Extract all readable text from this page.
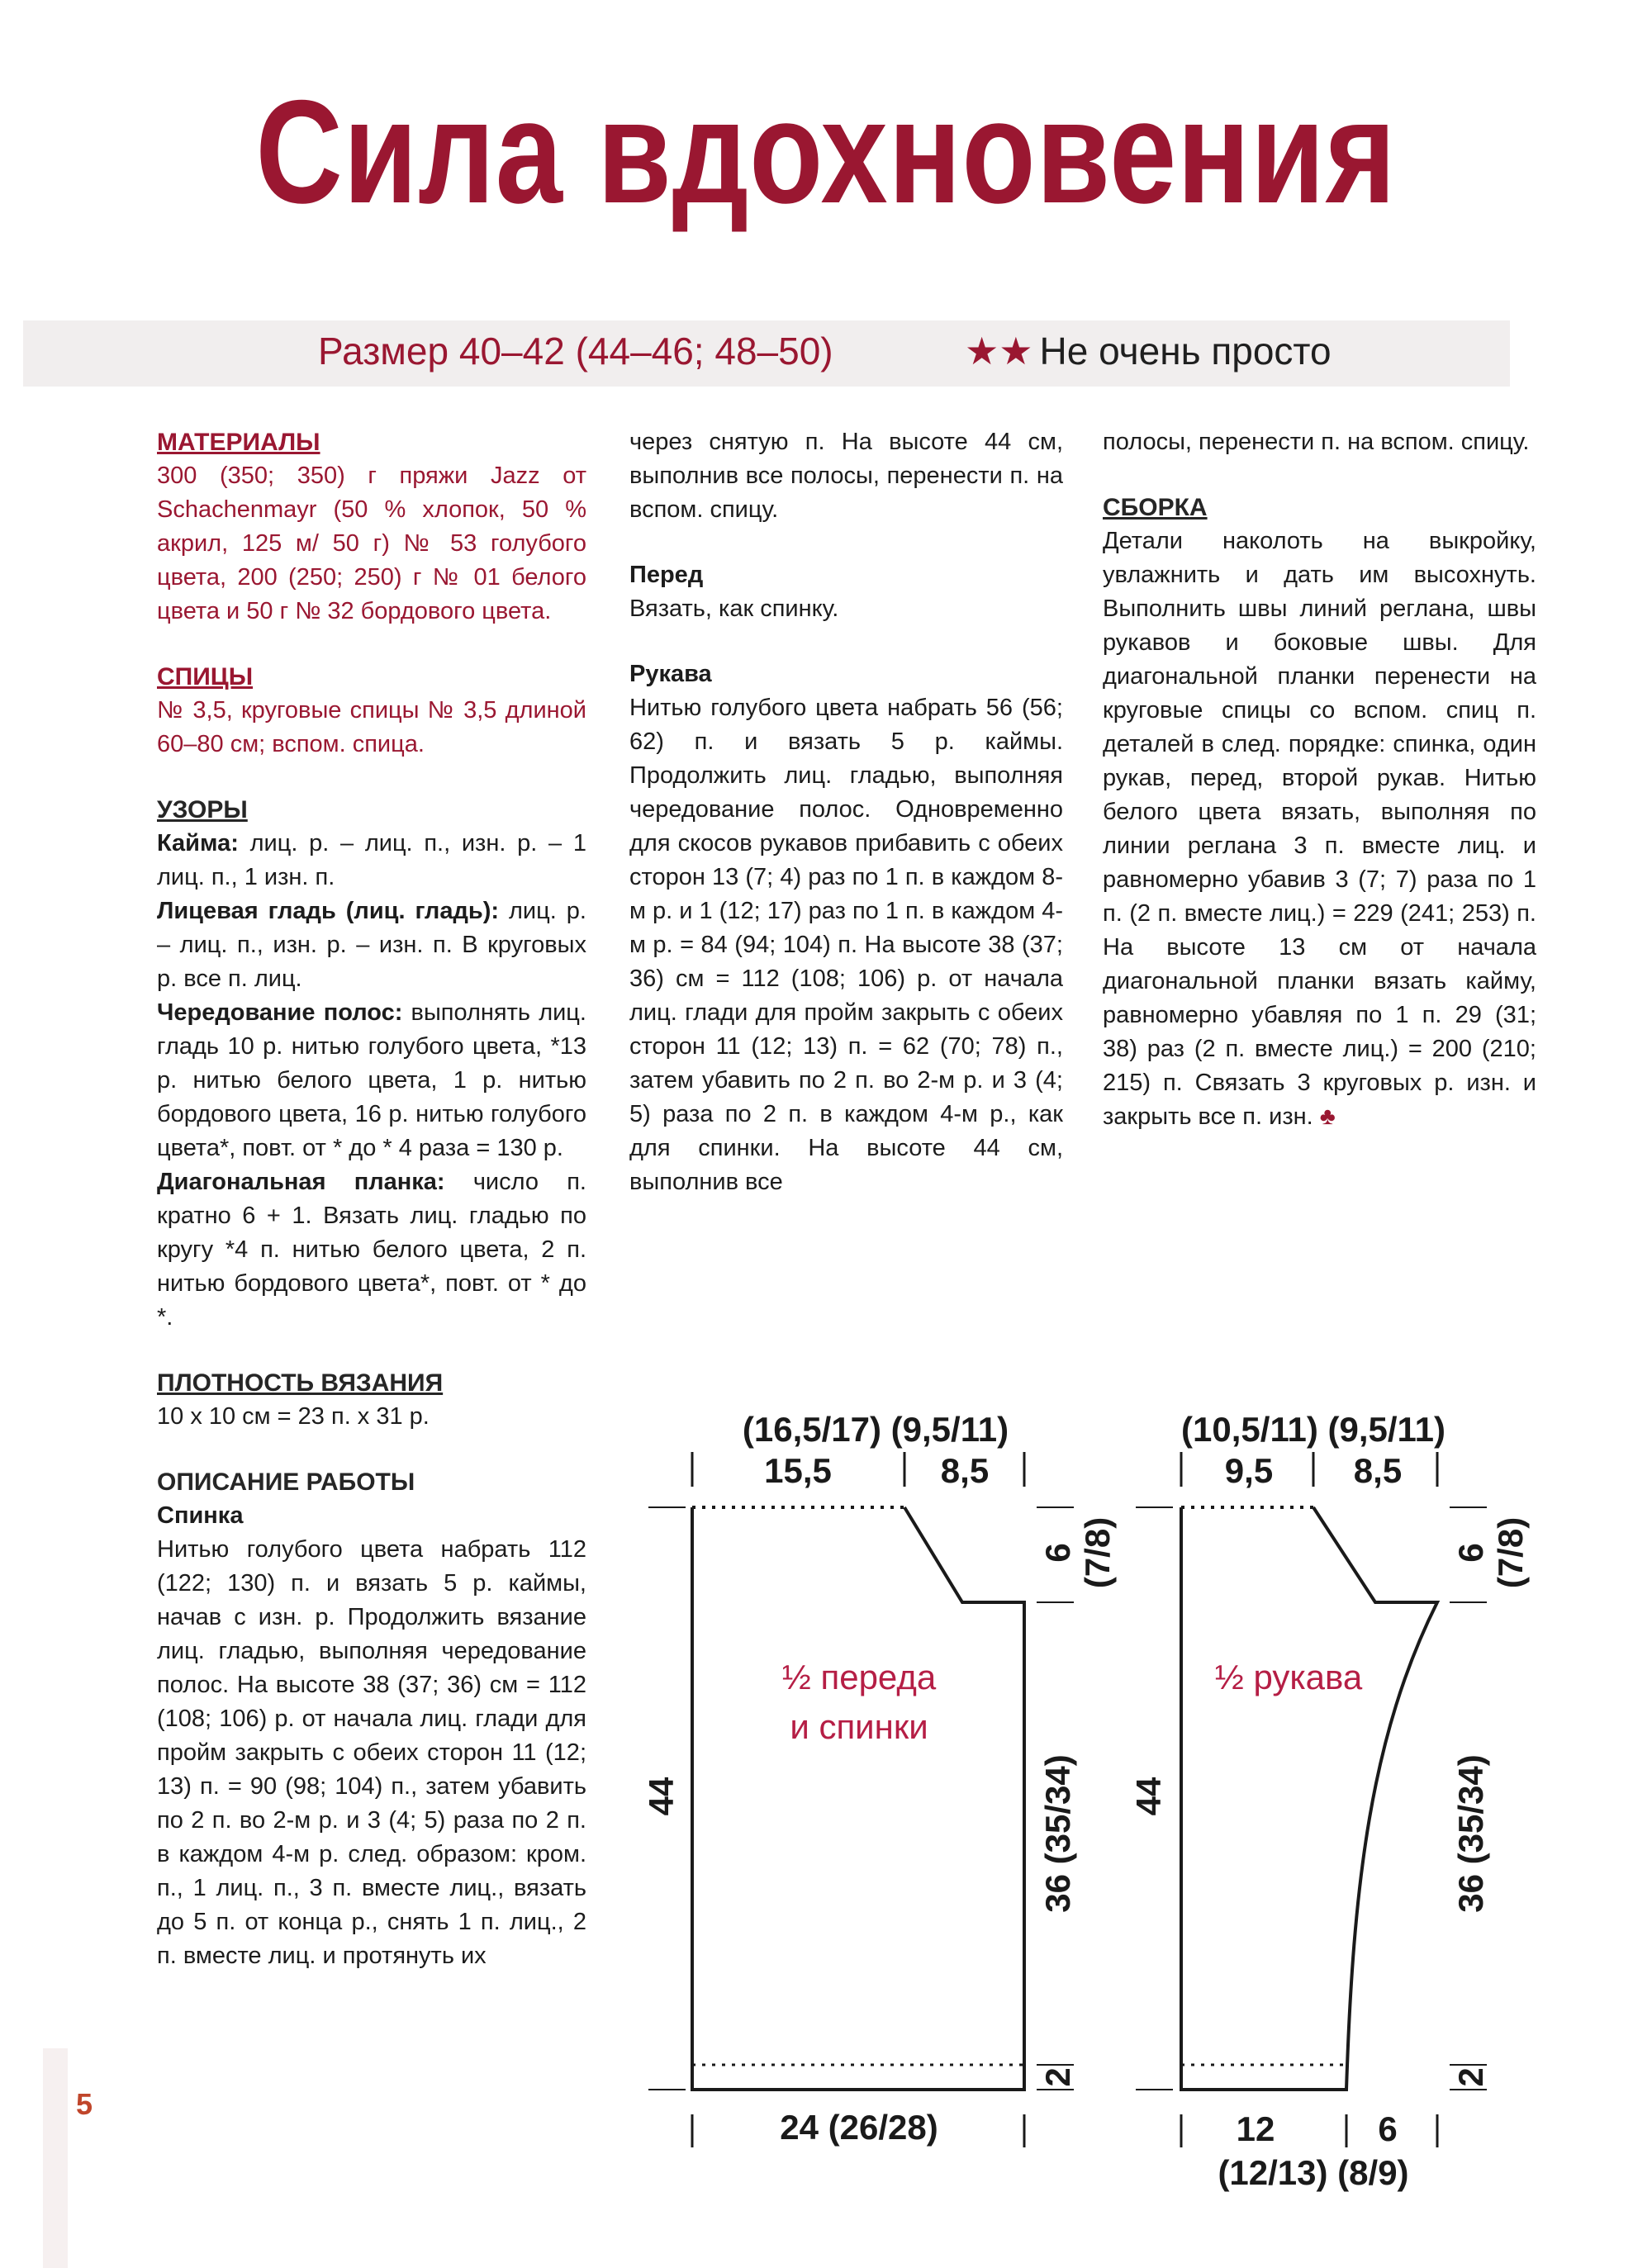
Сила вдохновения
Размер 40–42 (44–46; 48–50)	★★ Не очень просто

МАТЕРИАЛЫ

300 (350; 350) г пряжи Jazz от Schachenmayr (50 % хлопок, 50 % акрил, 125 м/ 50 г) № 53 голубого цвета, 200 (250; 250) г № 01 белого цвета и 50 г № 32 бордового цвета.

СПИЦЫ

№ 3,5, круговые спицы № 3,5 длиной 60–80 см; вспом. спица.

УЗОРЫ

Кайма: лиц. р. – лиц. п., изн. р. – 1 лиц. п., 1 изн. п.

Лицевая гладь (лиц. гладь): лиц. р. – лиц. п., изн. р. – изн. п. В круговых р. все п. лиц.

Чередование полос: выполнять лиц. гладь 10 р. нитью голубого цвета, *13 р. нитью белого цвета, 1 р. нитью бордового цвета, 16 р. нитью голубого цвета*, повт. от * до * 4 раза = 130 р.

Диагональная планка: число п. кратно 6 + 1. Вязать лиц. гладью по кругу *4 п. нитью белого цвета, 2 п. нитью бордового цвета*, повт. от * до *.

ПЛОТНОСТЬ ВЯЗАНИЯ

10 х 10 см = 23 п. х 31 р.

ОПИСАНИЕ РАБОТЫ

Спинка

Нитью голубого цвета набрать 112 (122; 130) п. и вязать 5 р. каймы, начав с изн. р. Продолжить вязание лиц. гладью, выполняя чередование полос. На высоте 38 (37; 36) см = 112 (108; 106) р. от начала лиц. глади для пройм закрыть с обеих сторон 11 (12; 13) п. = 90 (98; 104) п., затем убавить по 2 п. во 2-м р. и 3 (4; 5) раза по 2 п. в каждом 4-м р. след. образом: кром. п., 1 лиц. п., 3 п. вместе лиц., вязать до 5 п. от конца р., снять 1 п. лиц., 2 п. вместе лиц. и протянуть их

через снятую п. На высоте 44 см, выполнив все полосы, перенести п. на вспом. спицу.

Перед

Вязать, как спинку.

Рукава

Нитью голубого цвета набрать 56 (56; 62) п. и вязать 5 р. каймы. Продолжить лиц. гладью, выполняя чередование полос. Одновременно для скосов рукавов прибавить с обеих сторон 13 (7; 4) раз по 1 п. в каждом 8-м р. и 1 (12; 17) раз по 1 п. в каждом 4-м р. = 84 (94; 104) п. На высоте 38 (37; 36) см = 112 (108; 106) р. от начала лиц. глади для пройм закрыть с обеих сторон 11 (12; 13) п. = 62 (70; 78) п., затем убавить по 2 п. во 2-м р. и 3 (4; 5) раза по 2 п. в каждом 4-м р., как для спинки. На высоте 44 см, выполнив все

полосы, перенести п. на вспом. спицу.

СБОРКА

Детали наколоть на выкройку, увлажнить и дать им высохнуть. Выполнить швы линий реглана, швы рукавов и боковые швы. Для диагональной планки перенести на круговые спицы со вспом. спиц п. деталей в след. порядке: спинка, один рукав, перед, второй рукав. Нитью белого цвета вязать, выполняя по линии реглана 3 п. вместе лиц. и равномерно убавив 3 (7; 7) раза по 1 п. (2 п. вместе лиц.) = 229 (241; 253) п. На высоте 13 см от начала диагональной планки вязать кайму, равномерно убавляя по 1 п. 29 (31; 38) раз (2 п. вместе лиц.) = 200 (210; 215) п. Связать 3 круговых р. изн. и закрыть все п. изн. ♣

(16,5/17) (9,5/11)
15,5	8,5
24 (26/28)
½ переда
и спинки
44
6 (7/8)
36 (35/34)
2
(10,5/11) (9,5/11)
9,5 8,5
12	6
(12/13) (8/9)
½ рукава
44
6 (7/8)
36 (35/34)
2
5
